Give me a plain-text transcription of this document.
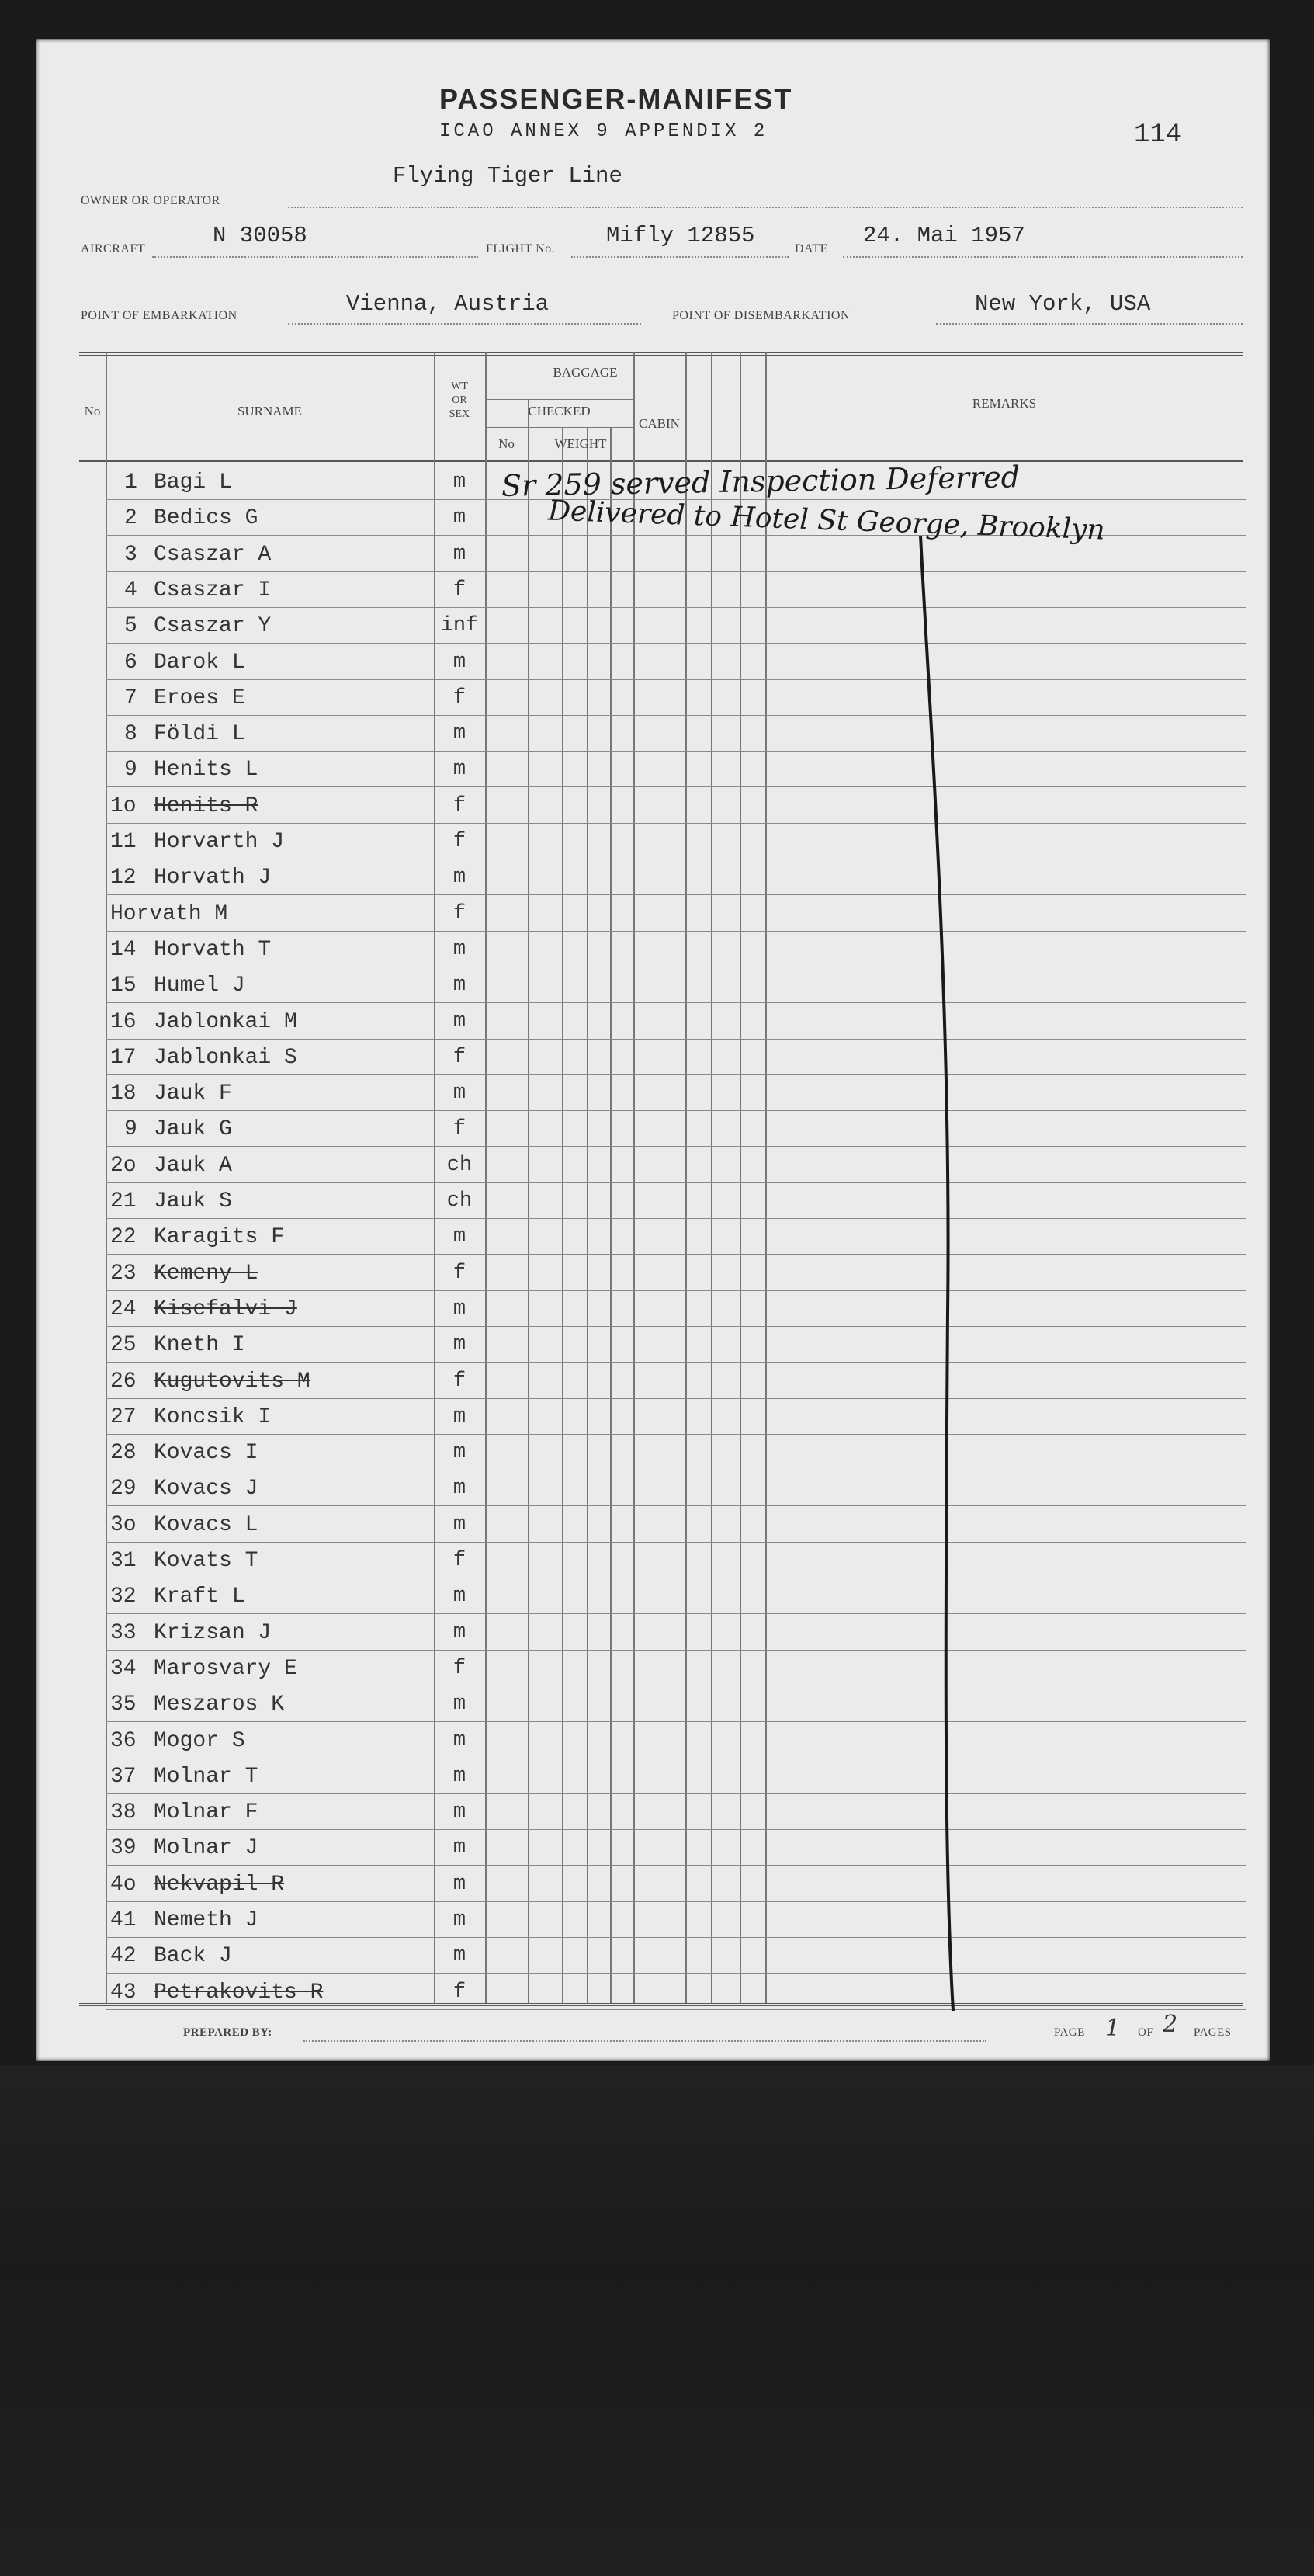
PASSENGER-MANIFEST
ICAO ANNEX 9 APPENDIX 2	114
Flying Tiger Line
OWNER OR OPERATOR
AIRCRAFT
N 30058
FLIGHT No.
Mifly 12855
DATE
24. Mai 1957
POINT OF EMBARKATION	Vienna, Austria	POINT OF DISEMBARKATION	New York, USA
No	SURNAME
WT
OR
SEX
BAGGAGE
CHECKED
No	WEIGHT
CABIN
REMARKS
1 Bagi L	m
2 Bedics G	m
3 Csaszar A	m
4 Csaszar I	f
5 Csaszar Y	inf
6 Darok L	m
7 Eroes E	f
8 Földi L	m
9 Henits L	m
1o Henits R	f
11 Horvarth J	f
12 Horvath J	m
Horvath M	f
14 Horvath T	m
15 Humel J	m
16 Jablonkai M	m
17 Jablonkai S	f
18 Jauk F	m
9 Jauk G	f
2o Jauk A	ch
21 Jauk S	ch
22 Karagits F	m
23 Kemeny L	f
24 Kisefalvi J	m
25 Kneth I	m
26 Kugutovits M	f
27 Koncsik I	m
28 Kovacs I	m
29 Kovacs J	m
3o Kovacs L	m
31 Kovats T	f
32 Kraft L	m
33 Krizsan J	m
34 Marosvary E	f
35 Meszaros K	m
36 Mogor S	m
37 Molnar T	m
38 Molnar F	m
39 Molnar J	m
4o Nekvapil R	m
41 Nemeth J	m
42 Back J	m
43 Petrakovits R	f
Sr 259 served Inspection Deferred
Delivered to Hotel St George, Brooklyn
PREPARED BY:	PAGE 1 OF 2 PAGES
